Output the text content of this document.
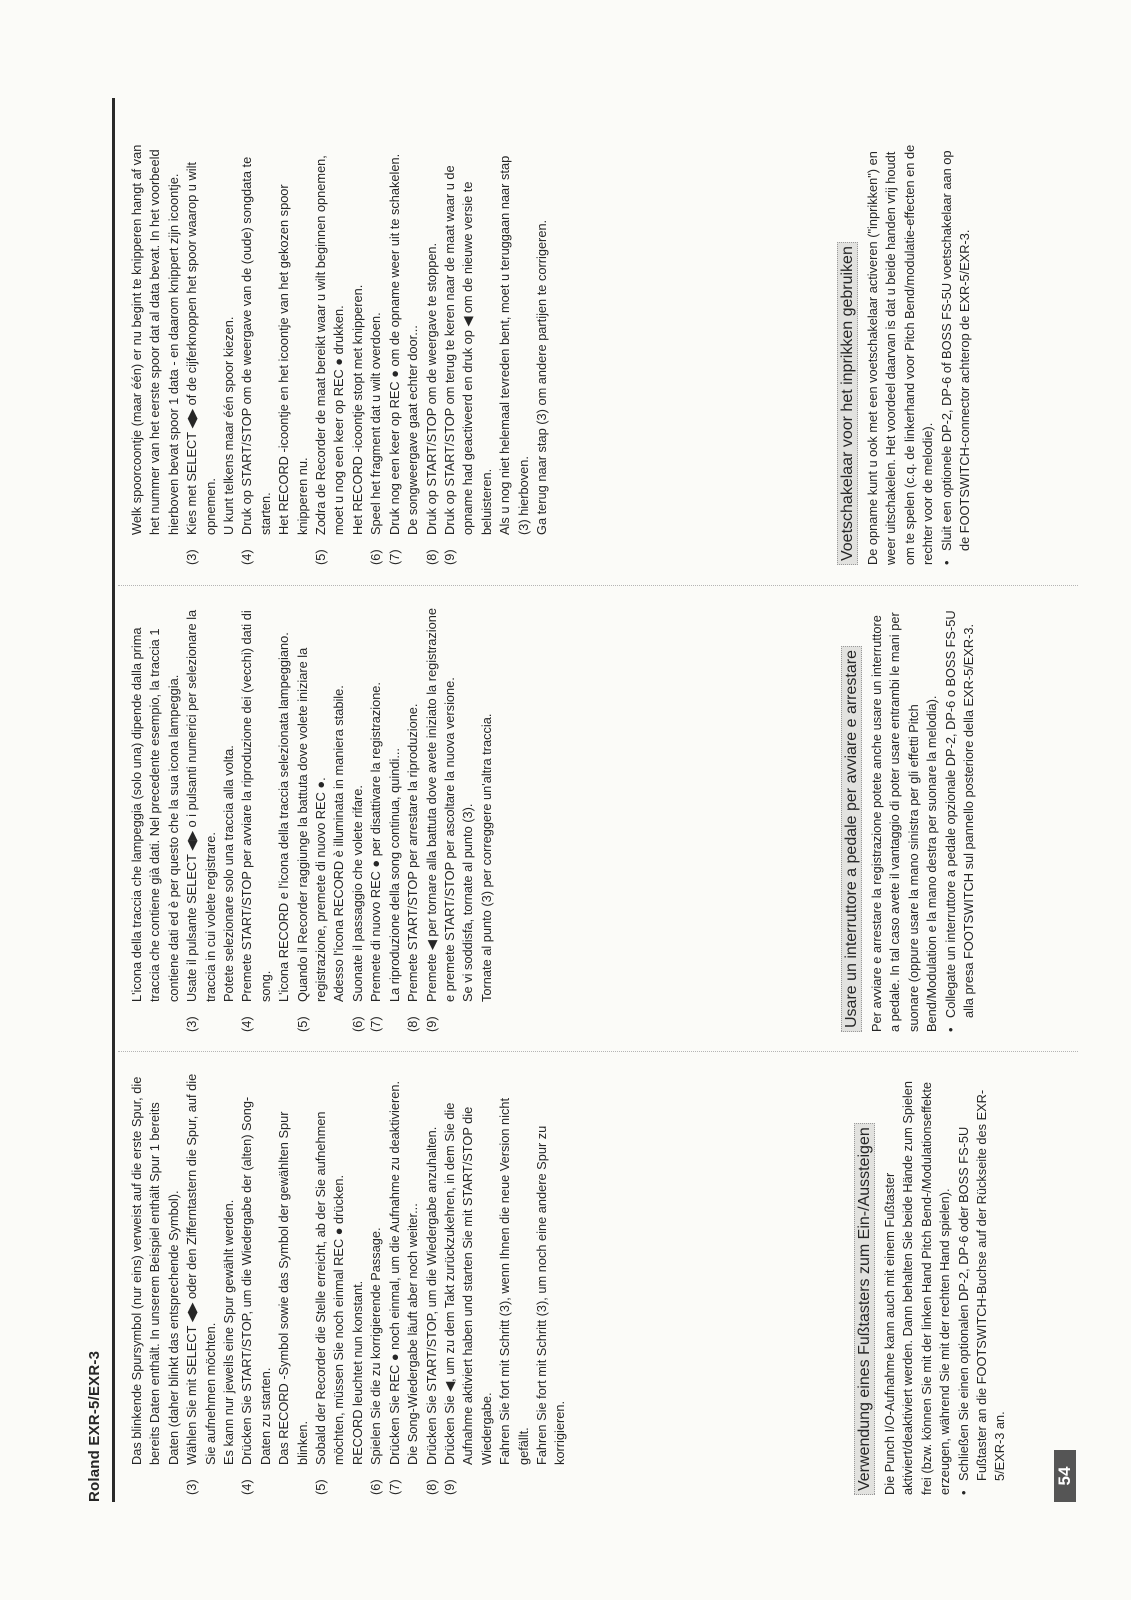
Roland EXR-5/EXR-3	54

Das blinkende Spursymbol (nur eins) verweist auf die erste Spur, die bereits Daten enthält. In unserem Beispiel enthält Spur 1 bereits Daten (daher blinkt das entsprechende Symbol).

(3)
Wählen Sie mit SELECT ◀▶ oder den Zifferntastern die Spur, auf die Sie aufnehmen möchten. Es kann nur jeweils eine Spur gewählt werden.
(4)
Drücken Sie START/STOP, um die Wiedergabe der (alten) Song-Daten zu starten. Das RECORD -Symbol sowie das Symbol der gewählten Spur blinken.
(5)
Sobald der Recorder die Stelle erreicht, ab der Sie aufnehmen möchten, müssen Sie noch einmal REC ● drücken. RECORD leuchtet nun konstant.
(6)
Spielen Sie die zu korrigierende Passage.
(7)
Drücken Sie REC ● noch einmal, um die Aufnahme zu deaktivieren. Die Song-Wiedergabe läuft aber noch weiter...
(8)
Drücken Sie START/STOP, um die Wiedergabe anzuhalten.
(9)
Drücken Sie ◀, um zu dem Takt zurückzukehren, in dem Sie die Aufnahme aktiviert haben und starten Sie mit START/STOP die Wiedergabe. Fahren Sie fort mit Schritt (3), wenn Ihnen die neue Version nicht gefällt. Fahren Sie fort mit Schritt (3), um noch eine andere Spur zu korrigieren.	Verwendung eines Fußtasters zum Ein-/Aussteigen Die Punch I/O-Aufnahme kann auch mit einem Fußtaster aktiviert/deaktiviert werden. Dann behalten Sie beide Hände zum Spielen frei (bzw. können Sie mit der linken Hand Pitch Bend-/Modulationseffekte erzeugen, während Sie mit der rechten Hand spielen). •
Schließen Sie einen optionalen DP-2, DP-6 oder BOSS FS-5U Fußtaster an die FOOTSWITCH-Buchse auf der Rückseite des EXR-5/EXR-3 an.

L'icona della traccia che lampeggia (solo una) dipende dalla prima traccia che contiene già dati. Nel precedente esempio, la traccia 1 contiene dati ed è per questo che la sua icona lampeggia.

(3)
Usate il pulsante SELECT ◀▶ o i pulsanti numerici per selezionare la traccia in cui volete registrare. Potete selezionare solo una traccia alla volta.
(4)
Premete START/STOP per avviare la riproduzione dei (vecchi) dati di song. L'icona RECORD e l'icona della traccia selezionata lampeggiano.
(5)
Quando il Recorder raggiunge la battuta dove volete iniziare la registrazione, premete di nuovo REC ●. Adesso l'icona RECORD è illuminata in maniera stabile.
(6)
Suonate il passaggio che volete rifare.
(7)
Premete di nuovo REC ● per disattivare la registrazione. La riproduzione della song continua, quindi...
(8)
Premete START/STOP per arrestare la riproduzione.
(9)
Premete ◀ per tornare alla battuta dove avete iniziato la registrazione e premete START/STOP per ascoltare la nuova versione. Se vi soddisfa, tornate al punto (3). Tornate al punto (3) per correggere un'altra traccia.	Usare un interruttore a pedale per avviare e arrestare Per avviare e arrestare la registrazione potete anche usare un interruttore a pedale. In tal caso avete il vantaggio di poter usare entrambi le mani per suonare (oppure usare la mano sinistra per gli effetti Pitch Bend/Modulation e la mano destra per suonare la melodia). •
Collegate un interruttore a pedale opzionale DP-2, DP-6 o BOSS FS-5U alla presa FOOTSWITCH sul pannello posteriore della EXR-5/EXR-3.

Welk spoorcoontje (maar één) er nu begint te knipperen hangt af van het nummer van het eerste spoor dat al data bevat. In het voorbeeld hierboven bevat spoor 1 data - en daarom knippert zijn icoontje.

(3)
Kies met SELECT ◀▶ of de cijferknoppen het spoor waarop u wilt opnemen. U kunt telkens maar één spoor kiezen.
(4)
Druk op START/STOP om de weergave van de (oude) songdata te starten. Het RECORD -icoontje en het icoontje van het gekozen spoor knipperen nu.
(5)
Zodra de Recorder de maat bereikt waar u wilt beginnen opnemen, moet u nog een keer op REC ● drukken. Het RECORD -icoontje stopt met knipperen.
(6)
Speel het fragment dat u wilt overdoen.
(7)
Druk nog een keer op REC ● om de opname weer uit te schakelen. De songweergave gaat echter door...
(8)
Druk op START/STOP om de weergave te stoppen.
(9)
Druk op START/STOP om terug te keren naar de maat waar u de opname had geactiveerd en druk op ◀ om de nieuwe versie te beluisteren. Als u nog niet helemaal tevreden bent, moet u teruggaan naar stap (3) hierboven. Ga terug naar stap (3) om andere partijen te corrigeren.	Voetschakelaar voor het inprikken gebruiken De opname kunt u ook met een voetschakelaar activeren ("inprikken") en weer uitschakelen. Het voordeel daarvan is dat u beide handen vrij houdt om te spelen (c.q. de linkerhand voor Pitch Bend/modulatie-effecten en de rechter voor de melodie). •
Sluit een optionele DP-2, DP-6 of BOSS FS-5U voetschakelaar aan op de FOOTSWITCH-connector achterop de EXR-5/EXR-3.
